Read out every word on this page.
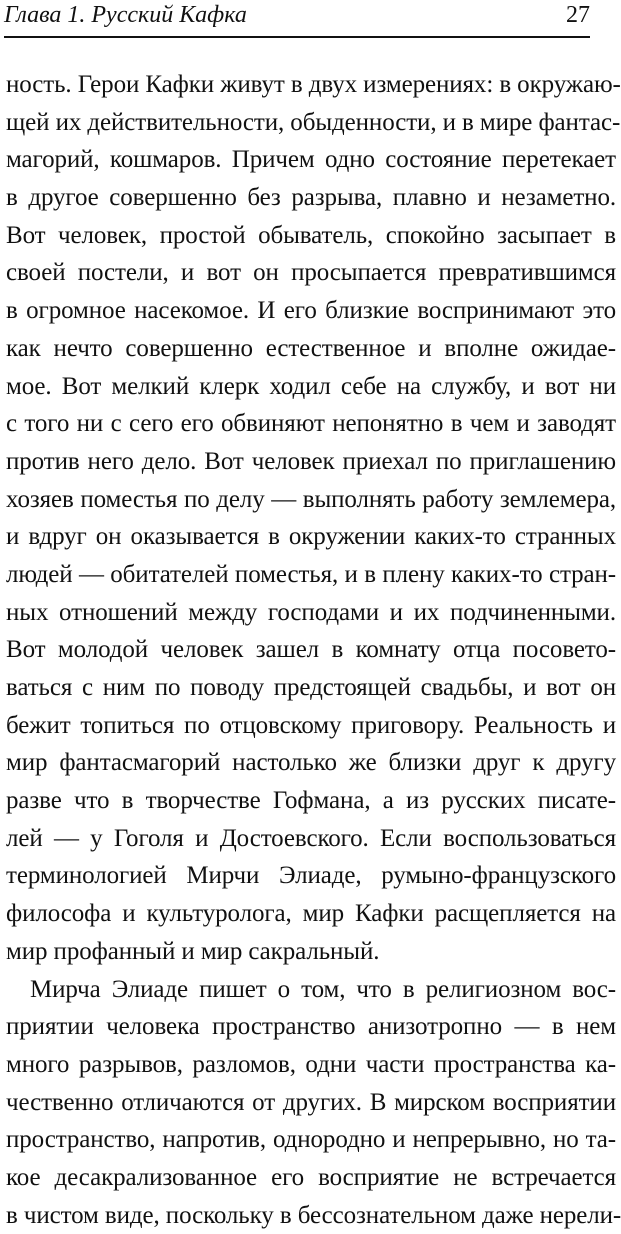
Глава 1. Русский Кафка	27
ность. Герои Кафки живут в двух измерениях: в окружаю-
щей их действительности, обыденности, и в мире фантас-
магорий, кошмаров. Причем одно состояние перетекает
в другое совершенно без разрыва, плавно и незаметно.
Вот человек, простой обыватель, спокойно засыпает в
своей постели, и вот он просыпается превратившимся
в огромное насекомое. И его близкие воспринимают это
как нечто совершенно естественное и вполне ожидае-
мое. Вот мелкий клерк ходил себе на службу, и вот ни
с того ни с сего его обвиняют непонятно в чем и заводят
против него дело. Вот человек приехал по приглашению
хозяев поместья по делу — выполнять работу землемера,
и вдруг он оказывается в окружении каких-то странных
людей — обитателей поместья, и в плену каких-то стран-
ных отношений между господами и их подчиненными.
Вот молодой человек зашел в комнату отца посовето-
ваться с ним по поводу предстоящей свадьбы, и вот он
бежит топиться по отцовскому приговору. Реальность и
мир фантасмагорий настолько же близки друг к другу
разве что в творчестве Гофмана, а из русских писате-
лей — у Гоголя и Достоевского. Если воспользоваться
терминологией Мирчи Элиаде, румыно-французского
философа и культуролога, мир Кафки расщепляется на
мир профанный и мир сакральный.
Мирча Элиаде пишет о том, что в религиозном вос-
приятии человека пространство анизотропно — в нем
много разрывов, разломов, одни части пространства ка-
чественно отличаются от других. В мирском восприятии
пространство, напротив, однородно и непрерывно, но та-
кое десакрализованное его восприятие не встречается
в чистом виде, поскольку в бессознательном даже нерели-
